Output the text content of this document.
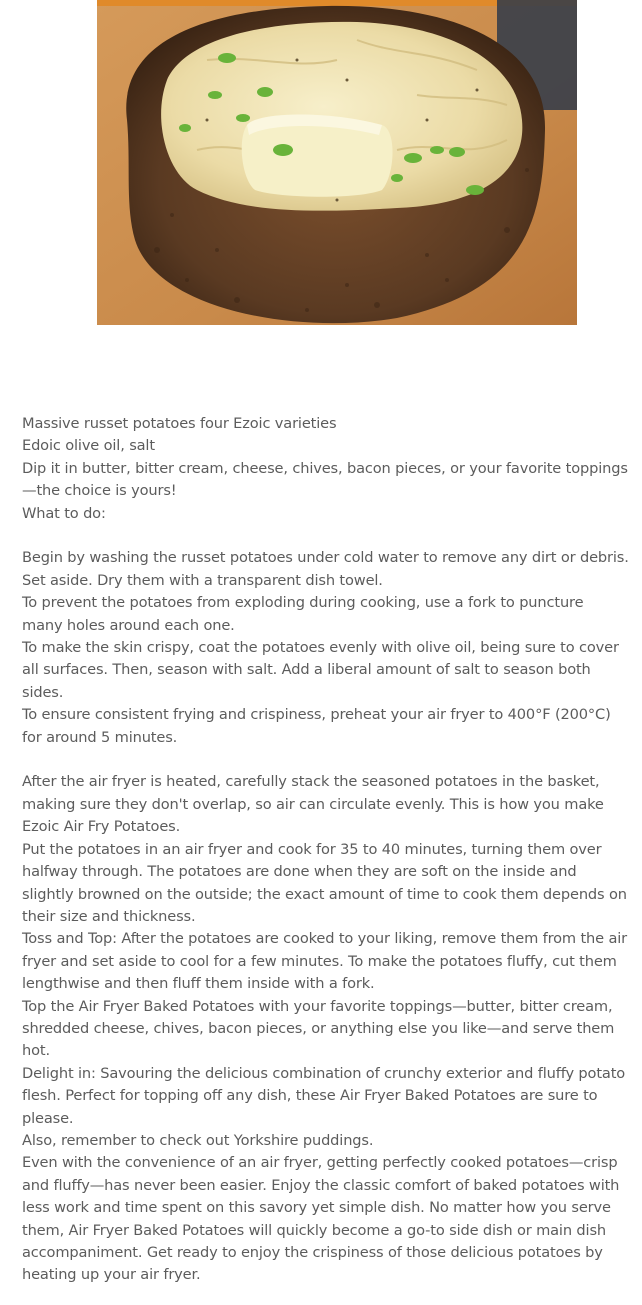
Massive russet potatoes four Ezoic varieties
Edoic olive oil, salt
Dip it in butter, bitter cream, cheese, chives, bacon pieces, or your favorite toppings
—the choice is yours!
What to do:
Begin by washing the russet potatoes under cold water to remove any dirt or debris.
Set aside. Dry them with a transparent dish towel.
To prevent the potatoes from exploding during cooking, use a fork to puncture
many holes around each one.
To make the skin crispy, coat the potatoes evenly with olive oil, being sure to cover
all surfaces. Then, season with salt. Add a liberal amount of salt to season both
sides.
To ensure consistent frying and crispiness, preheat your air fryer to 400°F (200°C)
for around 5 minutes.
After the air fryer is heated, carefully stack the seasoned potatoes in the basket,
making sure they don't overlap, so air can circulate evenly. This is how you make
Ezoic Air Fry Potatoes.
Put the potatoes in an air fryer and cook for 35 to 40 minutes, turning them over
halfway through. The potatoes are done when they are soft on the inside and
slightly browned on the outside; the exact amount of time to cook them depends on
their size and thickness.
Toss and Top: After the potatoes are cooked to your liking, remove them from the air
fryer and set aside to cool for a few minutes. To make the potatoes fluffy, cut them
lengthwise and then fluff them inside with a fork.
Top the Air Fryer Baked Potatoes with your favorite toppings—butter, bitter cream,
shredded cheese, chives, bacon pieces, or anything else you like—and serve them
hot.
Delight in: Savouring the delicious combination of crunchy exterior and fluffy potato
flesh. Perfect for topping off any dish, these Air Fryer Baked Potatoes are sure to
please.
Also, remember to check out Yorkshire puddings.
Even with the convenience of an air fryer, getting perfectly cooked potatoes—crisp
and fluffy—has never been easier. Enjoy the classic comfort of baked potatoes with
less work and time spent on this savory yet simple dish. No matter how you serve
them, Air Fryer Baked Potatoes will quickly become a go-to side dish or main dish
accompaniment. Get ready to enjoy the crispiness of those delicious potatoes by
heating up your air fryer.
